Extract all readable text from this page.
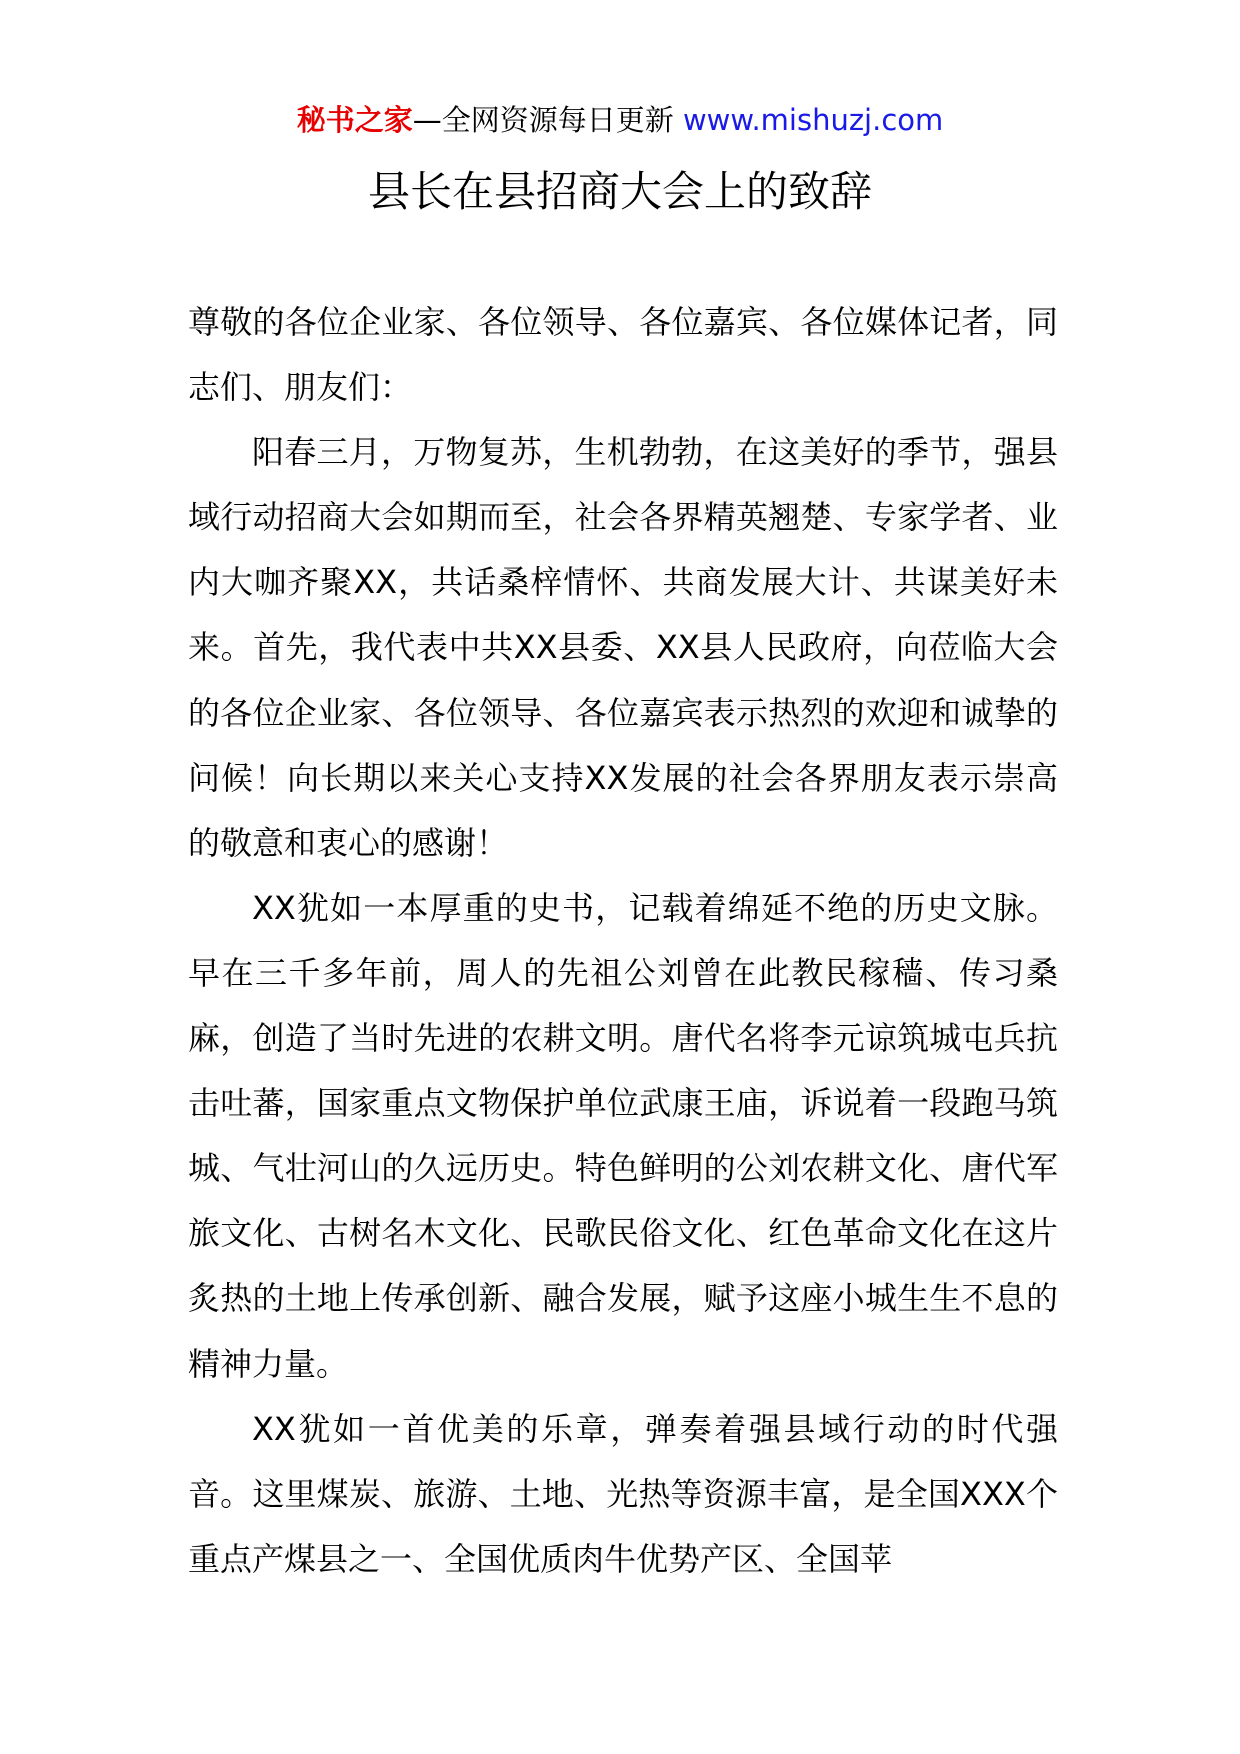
秘书之家—全网资源每日更新 www.mishuzj.com
县长在县招商大会上的致辞

尊敬的各位企业家、各位领导、各位嘉宾、各位媒体记者，同志们、朋友们：

阳春三月，万物复苏，生机勃勃，在这美好的季节，强县域行动招商大会如期而至，社会各界精英翘楚、专家学者、业内大咖齐聚XX，共话桑梓情怀、共商发展大计、共谋美好未来。首先，我代表中共XX县委、XX县人民政府，向莅临大会的各位企业家、各位领导、各位嘉宾表示热烈的欢迎和诚挚的问候！向长期以来关心支持XX发展的社会各界朋友表示崇高的敬意和衷心的感谢！

XX犹如一本厚重的史书，记载着绵延不绝的历史文脉。早在三千多年前，周人的先祖公刘曾在此教民稼穑、传习桑麻，创造了当时先进的农耕文明。唐代名将李元谅筑城屯兵抗击吐蕃，国家重点文物保护单位武康王庙，诉说着一段跑马筑城、气壮河山的久远历史。特色鲜明的公刘农耕文化、唐代军旅文化、古树名木文化、民歌民俗文化、红色革命文化在这片炙热的土地上传承创新、融合发展，赋予这座小城生生不息的精神力量。

XX犹如一首优美的乐章，弹奏着强县域行动的时代强音。这里煤炭、旅游、土地、光热等资源丰富，是全国XXX个重点产煤县之一、全国优质肉牛优势产区、全国苹
